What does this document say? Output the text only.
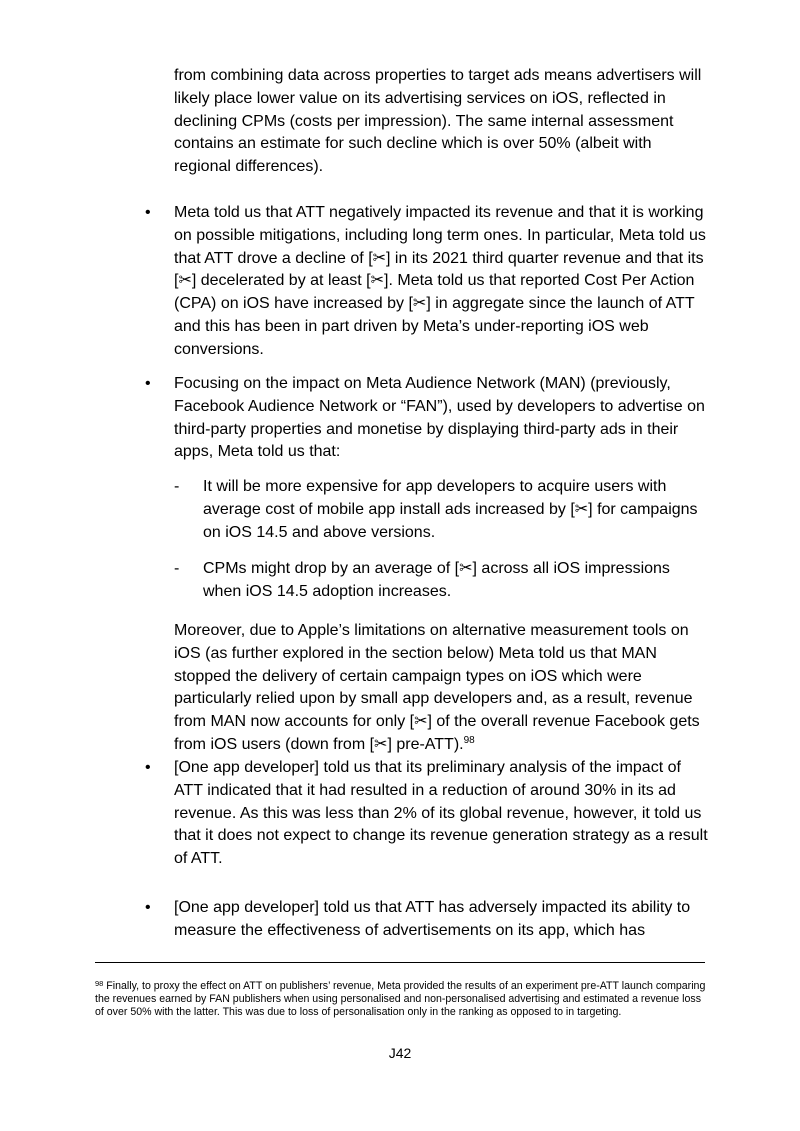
from combining data across properties to target ads means advertisers will likely place lower value on its advertising services on iOS, reflected in declining CPMs (costs per impression). The same internal assessment contains an estimate for such decline which is over 50% (albeit with regional differences).

• Meta told us that ATT negatively impacted its revenue and that it is working on possible mitigations, including long term ones. In particular, Meta told us that ATT drove a decline of [✂] in its 2021 third quarter revenue and that its [✂] decelerated by at least [✂]. Meta told us that reported Cost Per Action (CPA) on iOS have increased by [✂] in aggregate since the launch of ATT and this has been in part driven by Meta’s under-reporting iOS web conversions.

• Focusing on the impact on Meta Audience Network (MAN) (previously, Facebook Audience Network or “FAN”), used by developers to advertise on third-party properties and monetise by displaying third-party ads in their apps, Meta told us that:

- It will be more expensive for app developers to acquire users with average cost of mobile app install ads increased by [✂] for campaigns on iOS 14.5 and above versions.

- CPMs might drop by an average of [✂] across all iOS impressions when iOS 14.5 adoption increases.

Moreover, due to Apple’s limitations on alternative measurement tools on iOS (as further explored in the section below) Meta told us that MAN stopped the delivery of certain campaign types on iOS which were particularly relied upon by small app developers and, as a result, revenue from MAN now accounts for only [✂] of the overall revenue Facebook gets from iOS users (down from [✂] pre-ATT).$^{98}$

• [One app developer] told us that its preliminary analysis of the impact of ATT indicated that it had resulted in a reduction of around 30% in its ad revenue. As this was less than 2% of its global revenue, however, it told us that it does not expect to change its revenue generation strategy as a result of ATT.

• [One app developer] told us that ATT has adversely impacted its ability to measure the effectiveness of advertisements on its app, which has

$^{98}$ Finally, to proxy the effect on ATT on publishers’ revenue, Meta provided the results of an experiment pre-ATT launch comparing the revenues earned by FAN publishers when using personalised and non-personalised advertising and estimated a revenue loss of over 50% with the latter. This was due to loss of personalisation only in the ranking as opposed to in targeting.

J42
